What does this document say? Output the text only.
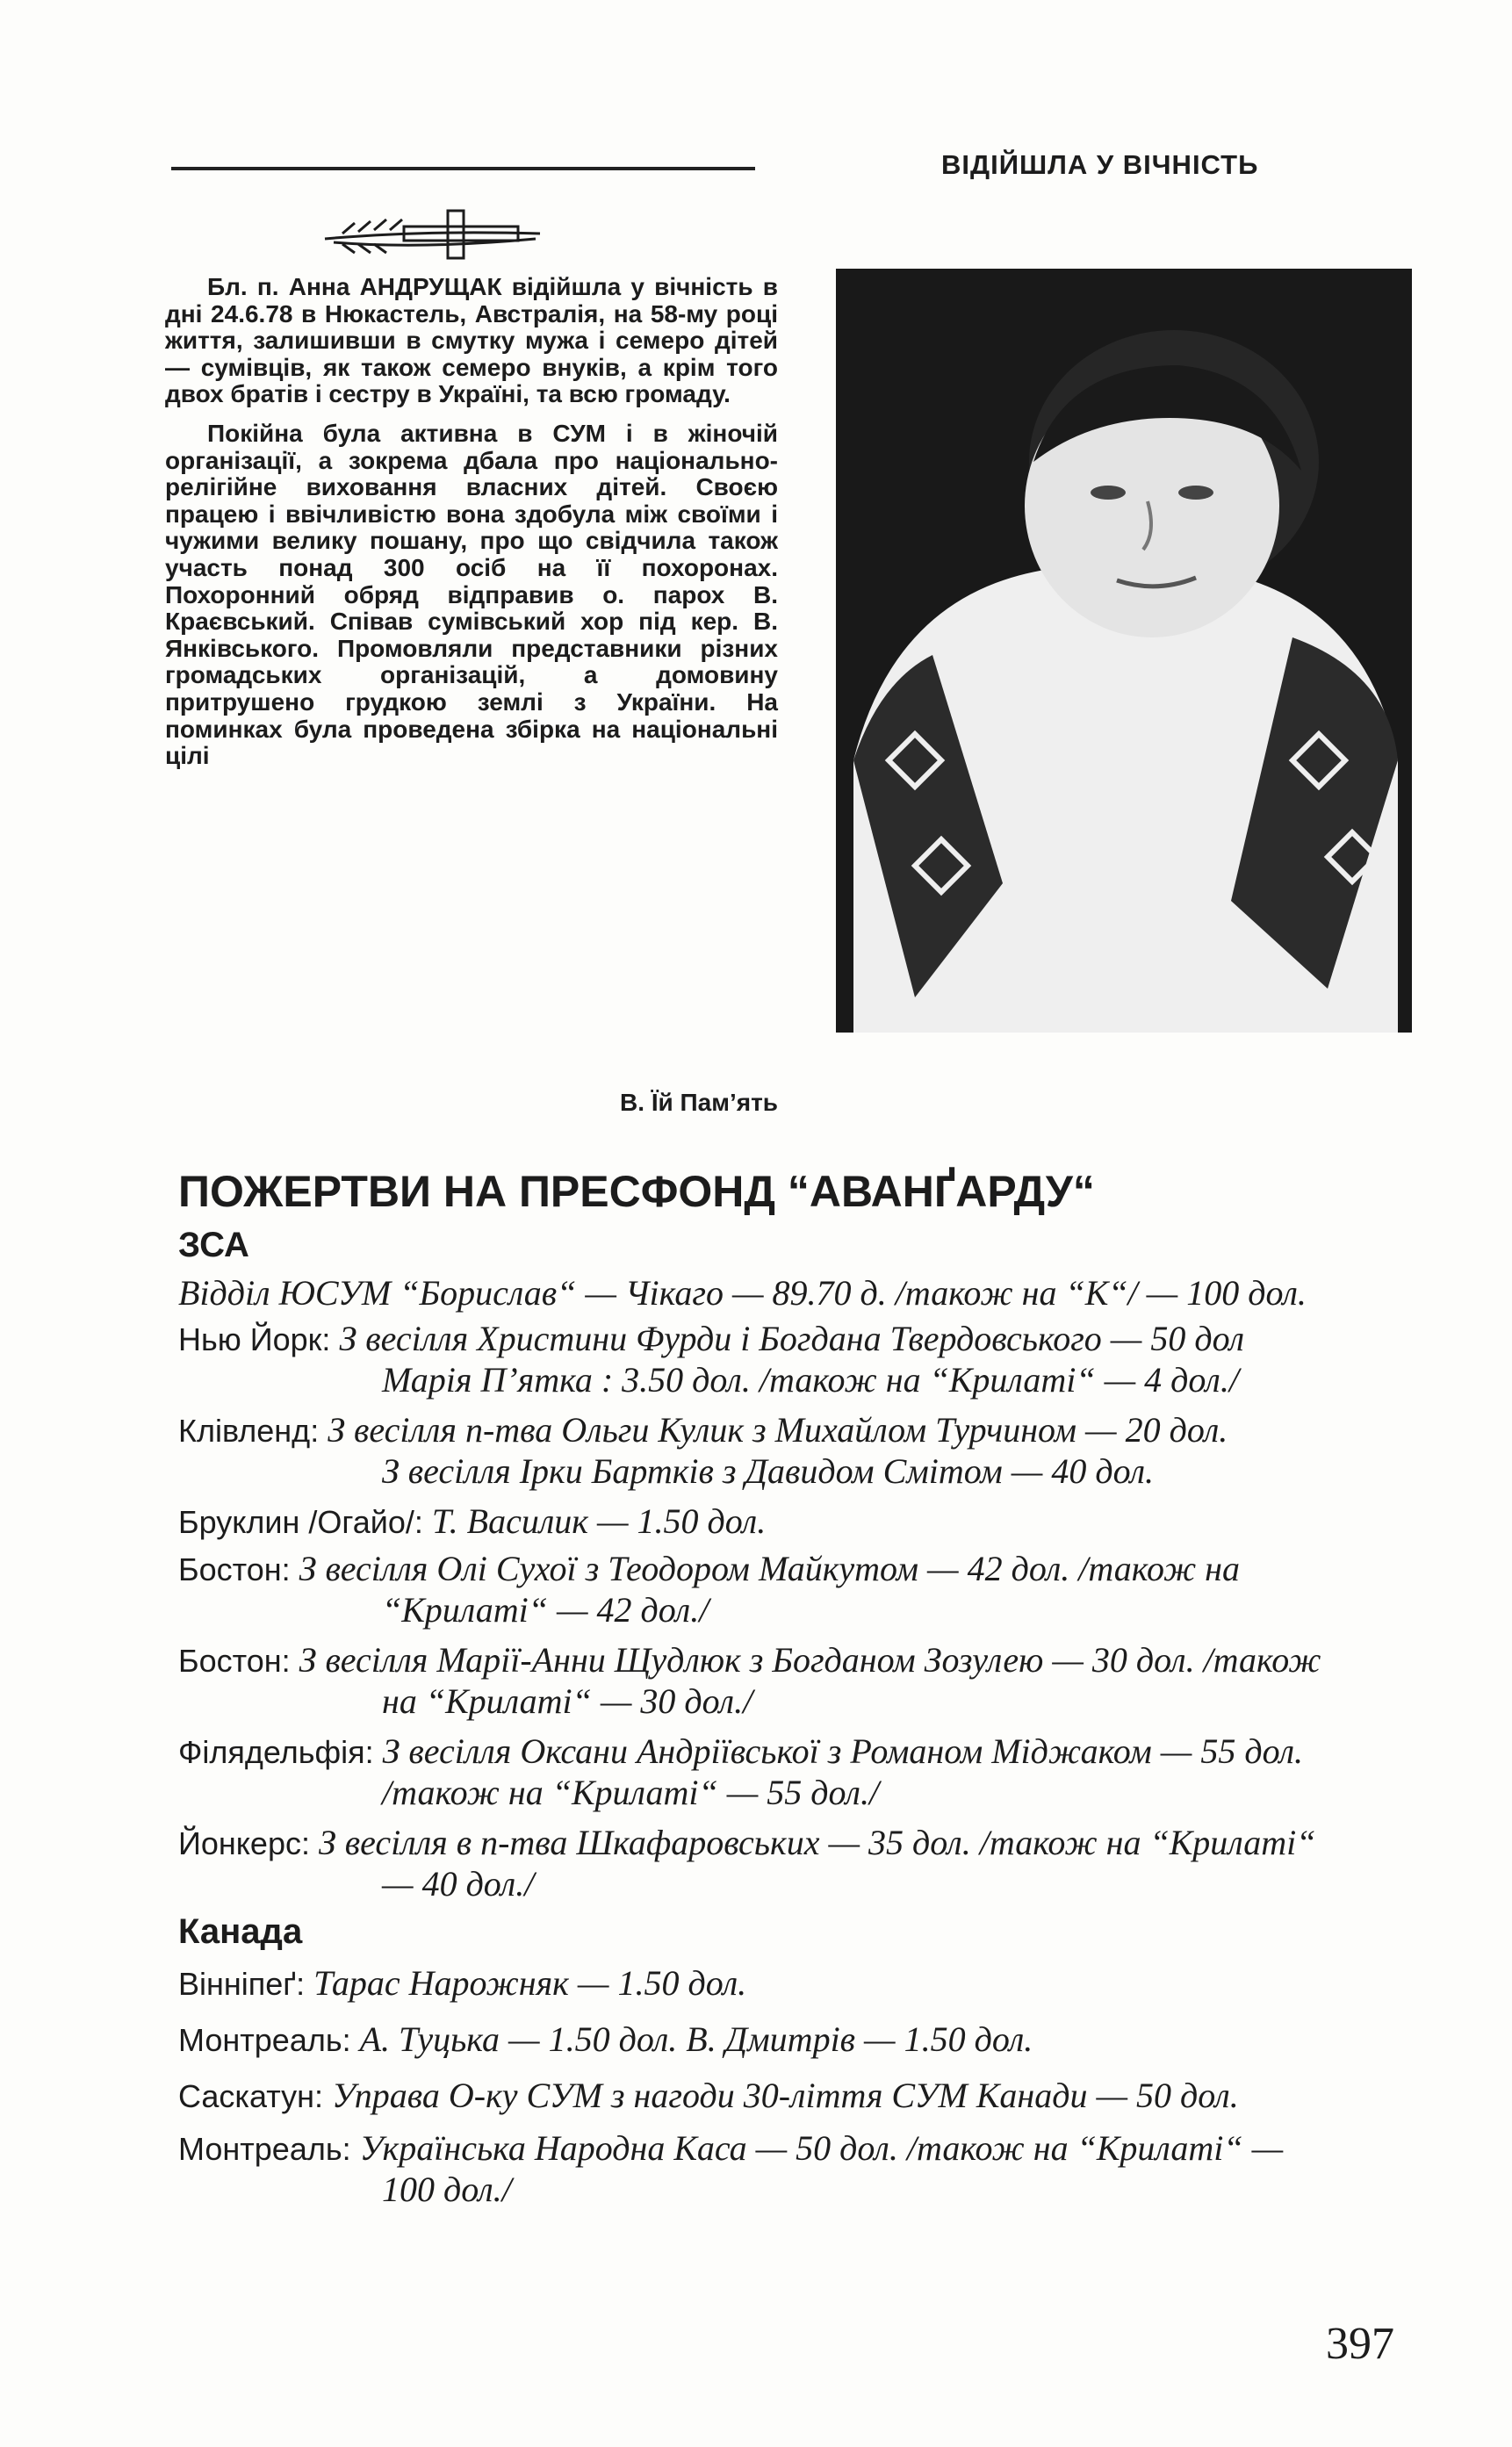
ВІДІЙШЛА У ВІЧНІСТЬ

Бл. п. Анна АНДРУЩАК відійшла у вічність в дні 24.6.78 в Нюкастель, Австралія, на 58-му році життя, залишивши в смутку мужа і семеро дітей — сумівців, як також семеро внуків, а крім того двох братів і сестру в Україні, та всю громаду.

Покійна була активна в СУМ і в жіночій організації, а зокрема дбала про національно-релігійне виховання власних дітей. Своєю працею і ввічливістю вона здобула між своїми і чужими велику пошану, про що свідчила також участь понад 300 осіб на її похоронах. Похоронний обряд відправив о. парох В. Краєвський. Співав сумівський хор під кер. В. Янківського. Промовляли представники різних громадських організацій, а домовину притрушено грудкою землі з України. На поминках була проведена збірка на національні цілі

В. Їй Пам’ять
ПОЖЕРТВИ НА ПРЕСФОНД “АВАНҐАРДУ“
ЗСА
Відділ ЮСУМ “Борислав“ — Чікаго — 89.70 д. /також на “К“/ — 100 дол.
Нью Йорк: З весілля Христини Фурди і Богдана Твердовського — 50 дол
Марія П’ятка : 3.50 дол. /також на “Крилаті“ — 4 дол./
Клівленд: З весілля п-тва Ольги Кулик з Михайлом Турчином — 20 дол.
З весілля Ірки Бартків з Давидом Смітом — 40 дол.
Бруклин /Огайо/: Т. Василик — 1.50 дол.
Бостон: З весілля Олі Сухої з Теодором Майкутом — 42 дол. /також на
“Крилаті“ — 42 дол./
Бостон: З весілля Марії-Анни Щудлюк з Богданом Зозулею — 30 дол. /також
на “Крилаті“ — 30 дол./
Філядельфія: З весілля Оксани Андріївської з Романом Міджаком — 55 дол.
/також на “Крилаті“ — 55 дол./
Йонкерс: З весілля в п-тва Шкафаровських — 35 дол. /також на “Крилаті“
— 40 дол./
Канада
Вінніпеґ: Тарас Нарожняк — 1.50 дол.
Монтреаль: А. Туцька — 1.50 дол. В. Дмитрів — 1.50 дол.
Саскатун: Управа О-ку СУМ з нагоди 30-ліття СУМ Канади — 50 дол.
Монтреаль: Українська Народна Каса — 50 дол. /також на “Крилаті“ —
100 дол./
397
